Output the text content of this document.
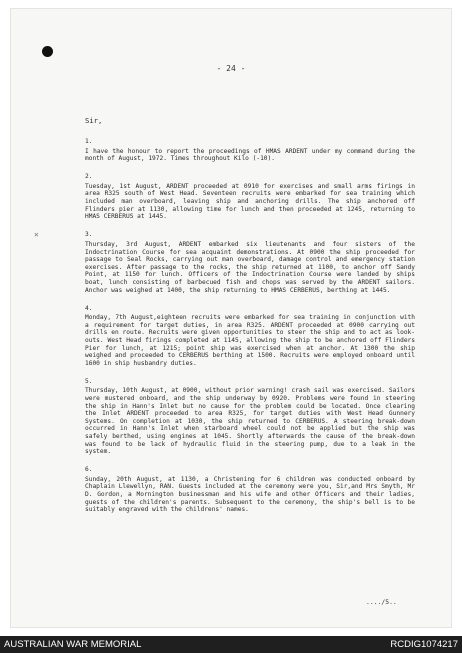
✕
- 24 -
Sir,
1.
I have the honour to report the proceedings of HMAS ARDENT under my command during the month of August, 1972. Times throughout Kilo (-10).
2.
Tuesday, 1st August, ARDENT proceeded at 0910 for exercises and small arms firings in area R325 south of West Head. Seventeen recruits were embarked for sea training which included man overboard, leaving ship and anchoring drills. The ship anchored off Flinders pier at 1130, allowing time for lunch and then proceeded at 1245, returning to HMAS CERBERUS at 1445.
3.
Thursday, 3rd August, ARDENT embarked six lieutenants and four sisters of the Indoctrination Course for sea acquaint demonstrations. At 0900 the ship proceeded for passage to Seal Rocks, carrying out man overboard, damage control and emergency station exercises. After passage to the rocks, the ship returned at 1100, to anchor off Sandy Point, at 1150 for lunch. Officers of the Indoctrination Course were landed by ships boat, lunch consisting of barbecued fish and chops was served by the ARDENT sailors. Anchor was weighed at 1400, the ship returning to HMAS CERBERUS, berthing at 1445.
4.
Monday, 7th August,eighteen recruits were embarked for sea training in conjunction with a requirement for target duties, in area R325. ARDENT proceeded at 0900 carrying out drills en route. Recruits were given opportunities to steer the ship and to act as look-outs. West Head firings completed at 1145, allowing the ship to be anchored off Flinders Pier for lunch, at 1215; point ship was exercised when at anchor. At 1300 the ship weighed and proceeded to CERBERUS berthing at 1500. Recruits were employed onboard until 1600 in ship husbandry duties.
5.
Thursday, 10th August, at 0900, without prior warning! crash sail was exercised. Sailors were mustered onboard, and the ship underway by 0920. Problems were found in steering the ship in Hann's Inlet but no cause for the problem could be located. Once clearing the Inlet ARDENT proceeded to area R325, for target duties with West Head Gunnery Systems. On completion at 1030, the ship returned to CERBERUS. A steering break-down occurred in Hann's Inlet when starboard wheel could not be applied but the ship was safely berthed, using engines at 1045. Shortly afterwards the cause of the break-down was found to be lack of hydraulic fluid in the steering pump, due to a leak in the system.
6.
Sunday, 20th August, at 1130, a Christening for 6 children was conducted onboard by Chaplain Llewellyn, RAN. Guests included at the ceremony were you, Sir,and Mrs Smyth, Mr D. Gordon, a Mornington businessman and his wife and other Officers and their ladies, guests of the children's parents. Subsequent to the ceremony, the ship's bell is to be suitably engraved with the childrens' names.
..../5..
AUSTRALIAN WAR MEMORIAL	RCDIG1074217
